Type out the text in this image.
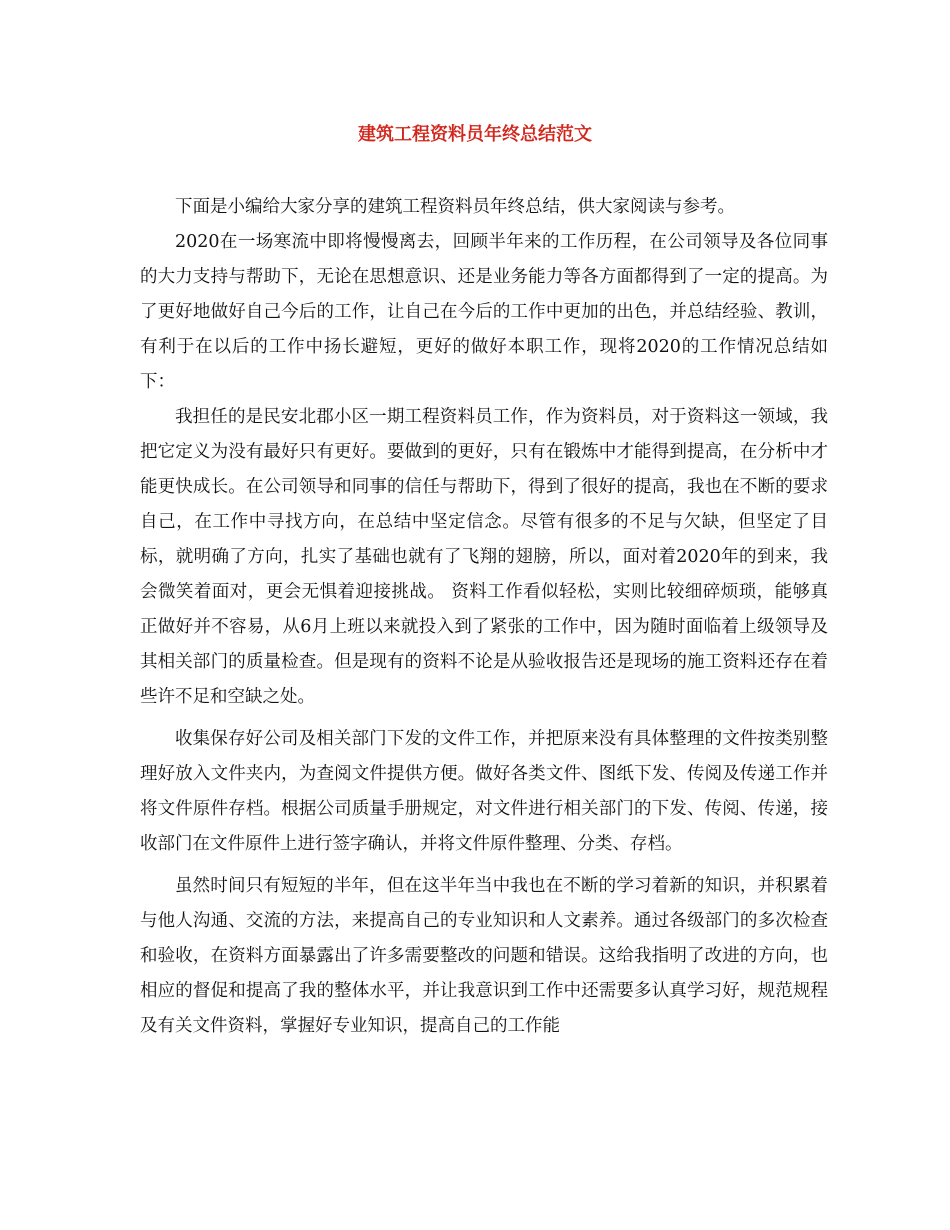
建筑工程资料员年终总结范文

下面是小编给大家分享的建筑工程资料员年终总结，供大家阅读与参考。

2020在一场寒流中即将慢慢离去，回顾半年来的工作历程，在公司领导及各位同事的大力支持与帮助下，无论在思想意识、还是业务能力等各方面都得到了一定的提高。为了更好地做好自己今后的工作，让自己在今后的工作中更加的出色，并总结经验、教训，有利于在以后的工作中扬长避短，更好的做好本职工作，现将2020的工作情况总结如下：

我担任的是民安北郡小区一期工程资料员工作，作为资料员，对于资料这一领域，我把它定义为没有最好只有更好。要做到的更好，只有在锻炼中才能得到提高，在分析中才能更快成长。在公司领导和同事的信任与帮助下，得到了很好的提高，我也在不断的要求自己，在工作中寻找方向，在总结中坚定信念。尽管有很多的不足与欠缺，但坚定了目标，就明确了方向，扎实了基础也就有了飞翔的翅膀，所以，面对着2020年的到来，我会微笑着面对，更会无惧着迎接挑战。 资料工作看似轻松，实则比较细碎烦琐，能够真正做好并不容易，从6月上班以来就投入到了紧张的工作中，因为随时面临着上级领导及其相关部门的质量检查。但是现有的资料不论是从验收报告还是现场的施工资料还存在着些许不足和空缺之处。

收集保存好公司及相关部门下发的文件工作，并把原来没有具体整理的文件按类别整理好放入文件夹内，为查阅文件提供方便。做好各类文件、图纸下发、传阅及传递工作并将文件原件存档。根据公司质量手册规定，对文件进行相关部门的下发、传阅、传递，接收部门在文件原件上进行签字确认，并将文件原件整理、分类、存档。

虽然时间只有短短的半年，但在这半年当中我也在不断的学习着新的知识，并积累着与他人沟通、交流的方法，来提高自己的专业知识和人文素养。通过各级部门的多次检查和验收，在资料方面暴露出了许多需要整改的问题和错误。这给我指明了改进的方向，也相应的督促和提高了我的整体水平，并让我意识到工作中还需要多认真学习好，规范规程及有关文件资料，掌握好专业知识，提高自己的工作能
